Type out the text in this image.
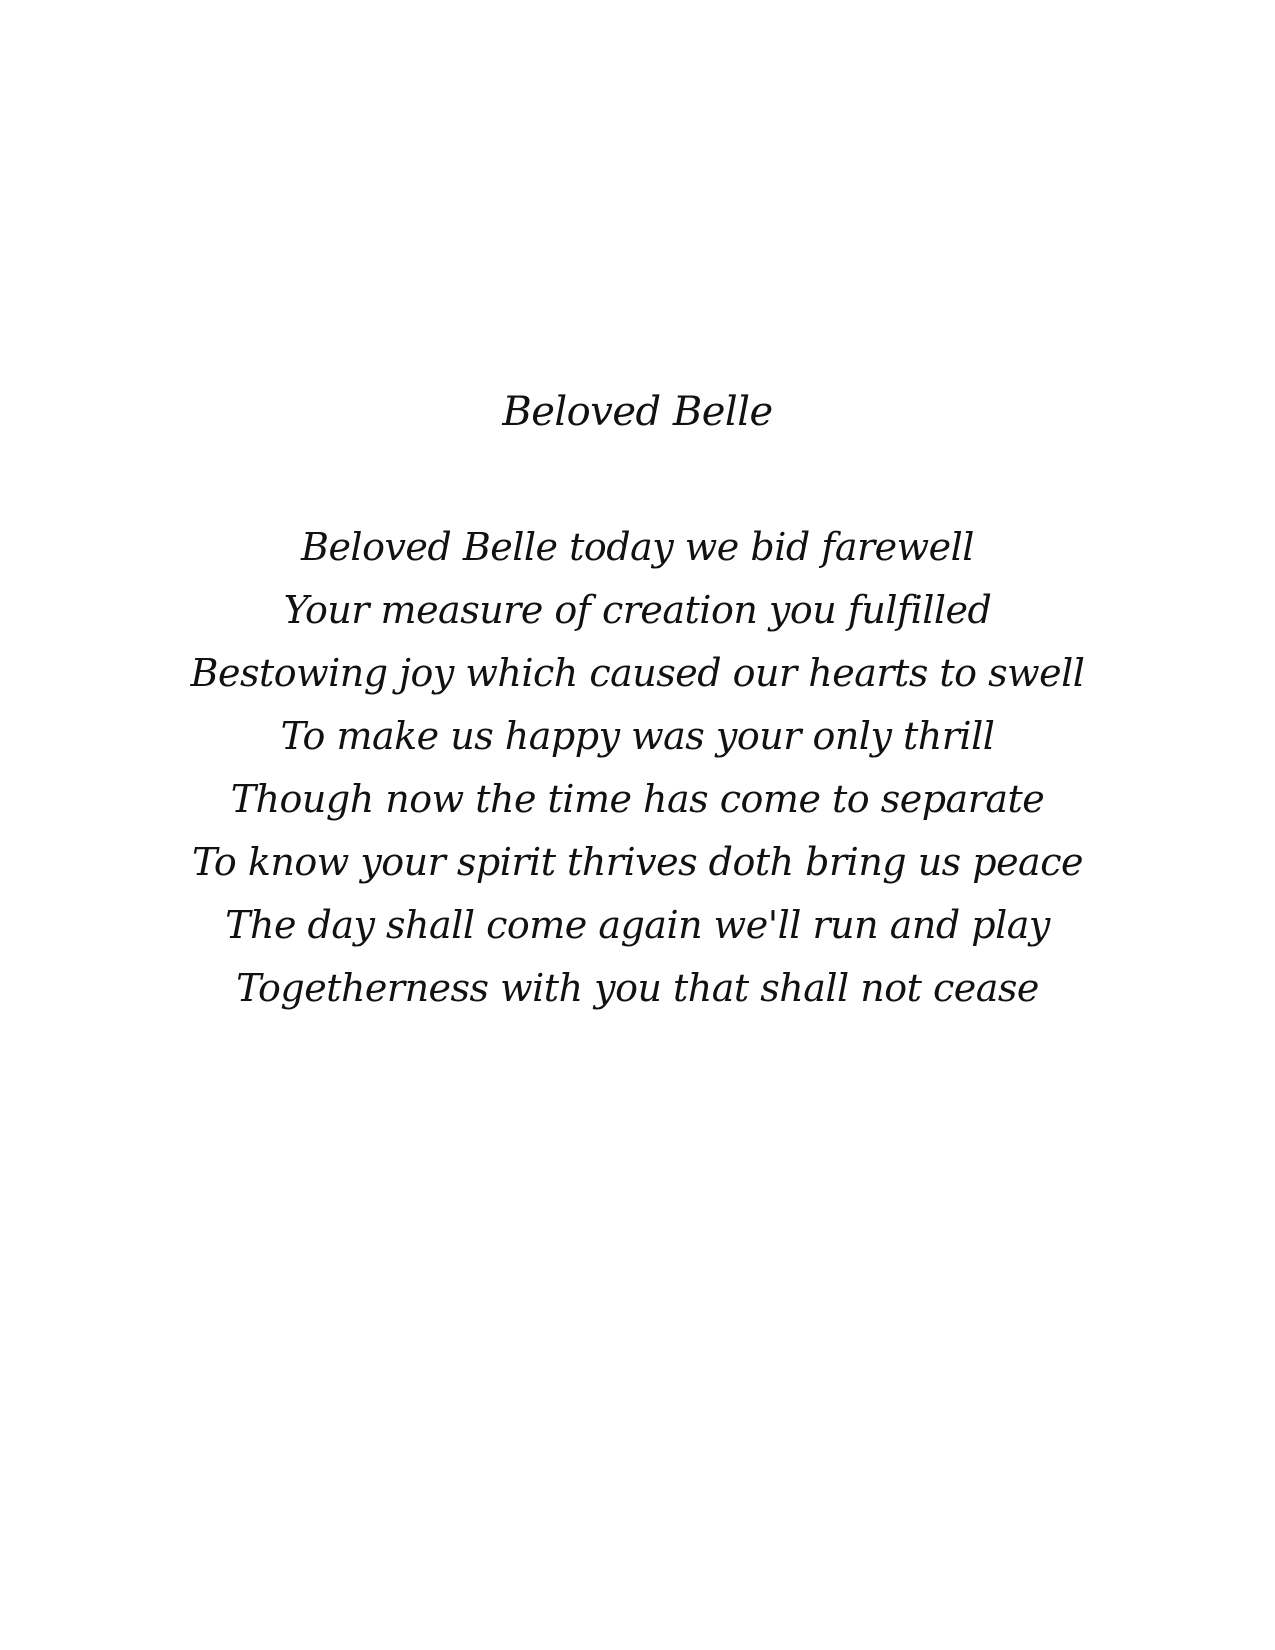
Beloved Belle
Beloved Belle today we bid farewell
Your measure of creation you fulfilled
Bestowing joy which caused our hearts to swell
To make us happy was your only thrill
Though now the time has come to separate
To know your spirit thrives doth bring us peace
The day shall come again we'll run and play
Togetherness with you that shall not cease
